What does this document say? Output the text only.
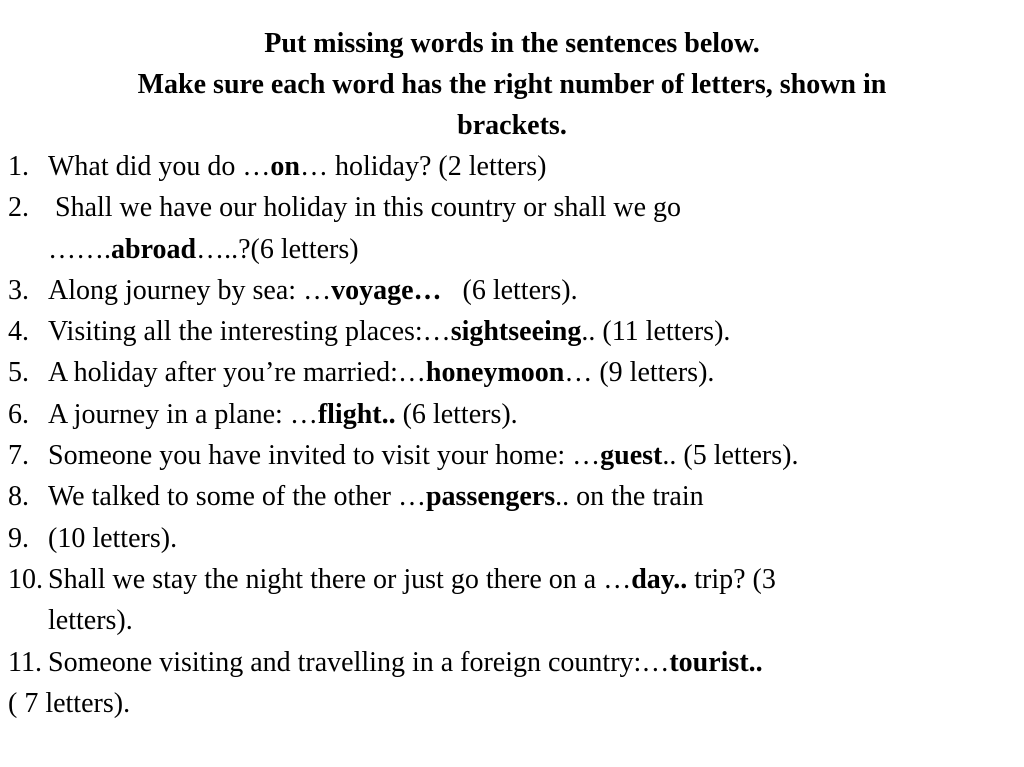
Put missing words in the sentences below.
Make sure each word has the right number of letters, shown in
brackets.
1. What did you do …on… holiday? (2 letters)
2. Shall we have our holiday in this country or shall we go
…….abroad…..?(6 letters)
3. Along journey by sea: …voyage…   (6 letters).
4. Visiting all the interesting places:…sightseeing.. (11 letters).
5. A holiday after you’re married:…honeymoon… (9 letters).
6. A journey in a plane: …flight.. (6 letters).
7. Someone you have invited to visit your home: …guest.. (5 letters).
8. We talked to some of the other …passengers.. on the train
9. (10 letters).
10. Shall we stay the night there or just go there on a …day.. trip? (3
letters).
11. Someone visiting and travelling in a foreign country:…tourist..
( 7 letters).
